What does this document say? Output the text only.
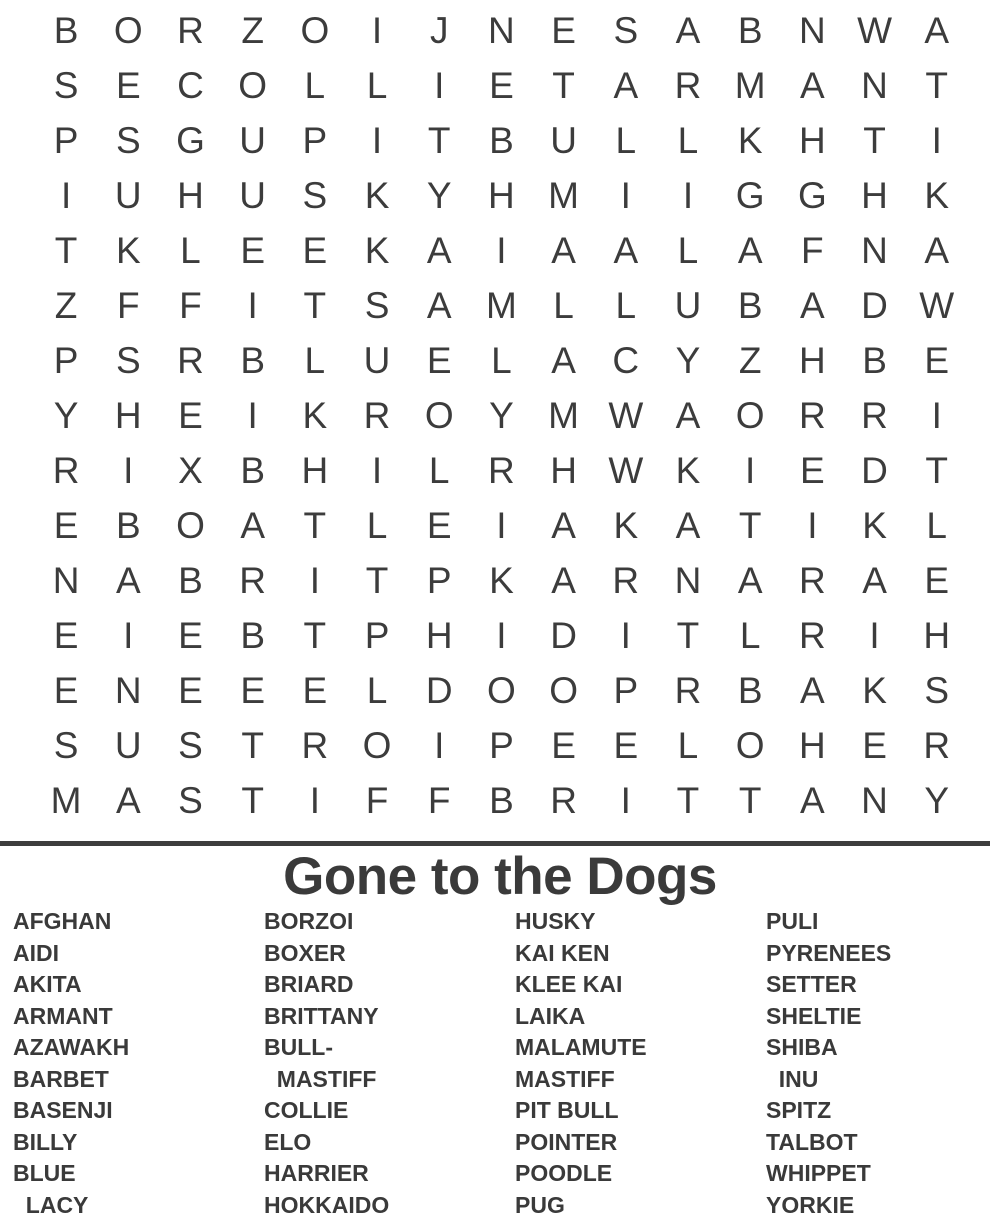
B O R	Z O	I	J	N E	S	A	B N W A
S	E C O	L	L	I	E	T	A R M A N	T
P	S G U P	I	T	B U	L	L	K H	T	I
I	U H U S	K	Y H M	I	I	G G H K
T	K	L	E	E	K	A	I	A	A	L	A	F	N A
Z	F	F	I	T	S	A M L	L	U B	A D W
P	S R B	L	U E	L	A C Y	Z	H B	E
Y H E	I	K R O Y M W A O R R	I
R	I	X	B H	I	L	R H W K	I	E D	T
E	B O A	T	L	E	I	A	K	A	T	I	K	L
N A	B R	I	T	P	K	A R N A R A	E
E	I	E	B	T	P H	I	D	I	T	L	R	I	H
E N E	E	E	L	D O O P R B	A	K	S
S U S	T	R O	I	P	E	E	L	O H E R
M A	S	T	I	F	F	B R	I	T	T	A N Y
Gone to the Dogs
AFGHAN
AIDI
AKITA
ARMANT
AZAWAKH
BARBET
BASENJI
BILLY
BLUE
LACY
BORZOI
BOXER
BRIARD
BRITTANY
BULL-
MASTIFF
COLLIE
ELO
HARRIER
HOKKAIDO
HUSKY
KAI KEN
KLEE KAI
LAIKA
MALAMUTE
MASTIFF
PIT BULL
POINTER
POODLE
PUG
PULI
PYRENEES
SETTER
SHELTIE
SHIBA
INU
SPITZ
TALBOT
WHIPPET
YORKIE
